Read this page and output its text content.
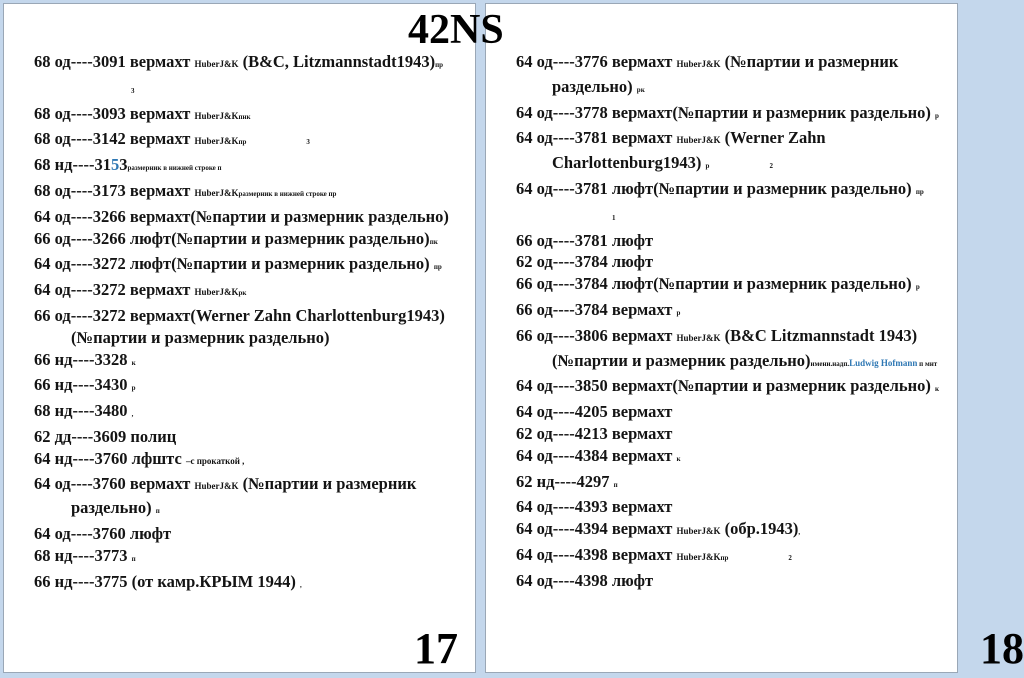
42NS
68 од----3091 вермахт HuberJ&K (B&C, Litzmannstadt1943)пр3
68 од----3093 вермахт HuberJ&Kпнк
68 од----3142 вермахт HuberJ&Kпр	3
68 нд----3153размерник в нижней строке п
68 од----3173 вермахт HuberJ&Kразмерник в нижней строке пр
64 од----3266 вермахт(№партии и размерник раздельно)
66 од----3266 люфт(№партии и размерник раздельно)пк
64 од----3272 люфт(№партии и размерник раздельно) пр
64 од----3272 вермахт HuberJ&Kрк
66 од----3272 вермахт(Werner Zahn Charlottenburg1943) (№партии и размерник раздельно)
66 нд----3328 к
66 нд----3430 р
68 нд----3480 ,
62 дд----3609 полиц
64 нд----3760 лфштс –с прокаткой ,
64 од----3760 вермахт HuberJ&K (№партии и размерник раздельно) п
64 од----3760 люфт
68 нд----3773 п
66 нд----3775 (от камр.КРЫМ 1944) ,
17
64 од----3776 вермахт HuberJ&K (№партии и размерник раздельно) рк
64 од----3778 вермахт(№партии и размерник раздельно) р
64 од----3781 вермахт HuberJ&K (Werner Zahn Charlottenburg1943) р	2
64 од----3781 люфт(№партии и размерник раздельно) пр1
66 од----3781 люфт
62 од----3784 люфт
66 од----3784 люфт(№партии и размерник раздельно) р
66 од----3784 вермахт р
66 од----3806 вермахт HuberJ&K (B&C Litzmannstadt 1943)(№партии и размерник раздельно)имени.надп.Ludwig Hofmann п мнт
64 од----3850 вермахт(№партии и размерник раздельно) к
64 од----4205 вермахт
62 од----4213 вермахт
64 од----4384 вермахт к
62 нд----4297 п
64 од----4393 вермахт
64 од----4394 вермахт HuberJ&K (обр.1943),
64 од----4398 вермахт HuberJ&Kпр	2
64 од----4398 люфт
18
